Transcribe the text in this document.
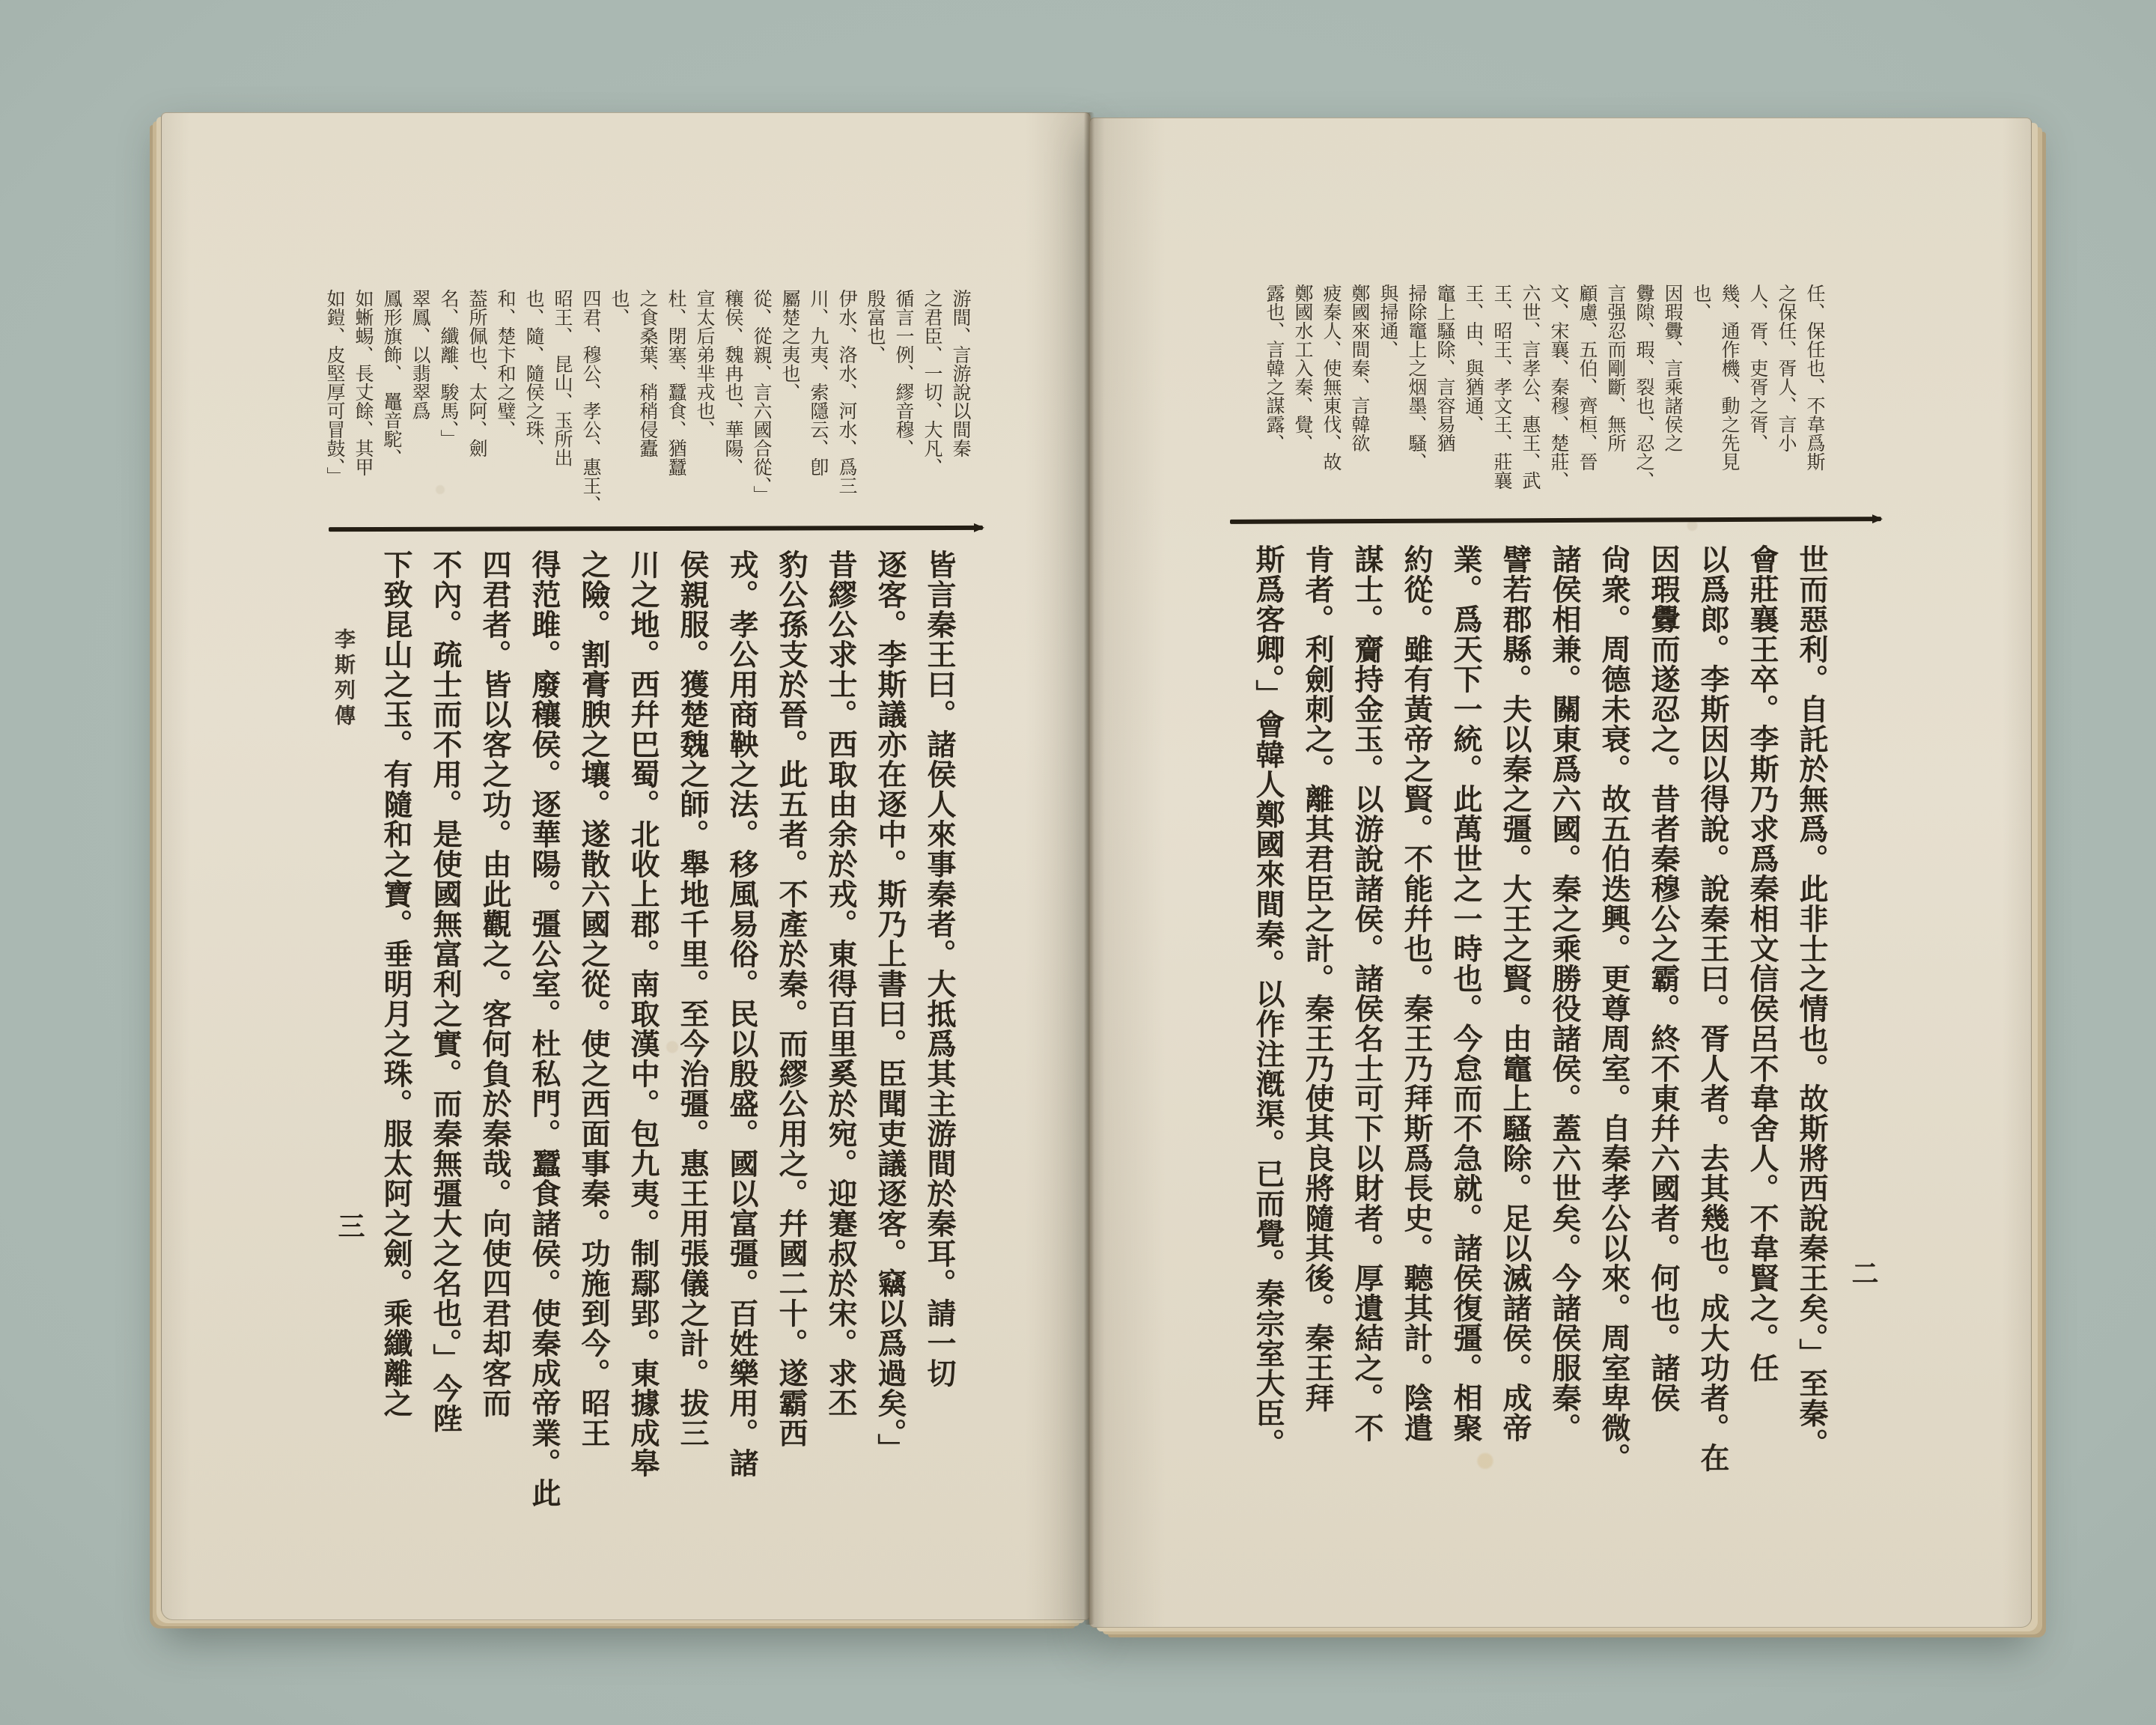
游間、言游說以間秦

之君臣、一切、大凡、

循言一例、繆音穆、

殷富也、

伊水、洛水、河水、爲三

川、九夷、索隱云、卽

屬楚之夷也、

從、從親、言六國合從、」

穰侯、魏冉也、華陽、

宣太后弟芈戎也、

杜、閉塞、蠶食、猶蠶

之食桑葉、稍稍侵蠹

也、

四君、穆公、孝公、惠王、

昭王、　昆山、玉所出

也、隨、隨侯之珠、

和、楚卞和之璧、

葢所佩也、太阿、劍

名、纖離、駿馬、」

翠鳳、以翡翠爲

鳳形旗飾、　鼉音駝、

如蜥蜴、長丈餘、其甲

如鎧、皮堅厚可冒鼓、」

皆言秦王曰。諸侯人來事秦者。大抵爲其主游間於秦耳。請一切

逐客。李斯議亦在逐中。斯乃上書曰。臣聞吏議逐客。竊以爲過矣。」

昔繆公求士。西取由余於戎。東得百里奚於宛。迎蹇叔於宋。求丕

豹公孫支於晉。此五者。不產於秦。而繆公用之。幷國二十。遂霸西

戎。孝公用商鞅之法。移風易俗。民以殷盛。國以富彊。百姓樂用。諸

侯親服。獲楚魏之師。舉地千里。至今治彊。惠王用張儀之計。拔三

川之地。西幷巴蜀。北收上郡。南取漢中。包九夷。制鄢郢。東據成皋

之險。割膏腴之壤。遂散六國之從。使之西面事秦。功施到今。昭王

得范雎。廢穰侯。逐華陽。彊公室。杜私門。蠶食諸侯。使秦成帝業。此

四君者。皆以客之功。由此觀之。客何負於秦哉。向使四君却客而

不內。疏士而不用。是使國無富利之實。而秦無彊大之名也。」今陛

下致昆山之玉。有隨和之寶。垂明月之珠。服太阿之劍。乘纖離之

李斯列傳
三

任、保任也、不韋爲斯

之保任、胥人、言小

人、胥、吏胥之胥、

幾、通作機、動之先見

也、

因瑕釁、言乘諸侯之

釁隙、瑕、裂也、忍之、

言强忍而剛斷、無所

顧慮、五伯、齊桓、晉

文、宋襄、秦穆、楚莊、

六世、言孝公、惠王、武

王、昭王、孝文王、莊襄

王、由、與猶通、

竈上騷除、言容易猶

掃除竈上之烟墨、騷、

與掃通、

鄭國來間秦、言韓欲

疲秦人、使無東伐、故

鄭國水工入秦、覺、

露也、言韓之謀露、

世而惡利。自託於無爲。此非士之情也。故斯將西說秦王矣。」至秦。

會莊襄王卒。李斯乃求爲秦相文信侯呂不韋舍人。不韋賢之。任

以爲郎。李斯因以得說。說秦王曰。胥人者。去其幾也。成大功者。在

因瑕釁而遂忍之。昔者秦穆公之霸。終不東幷六國者。何也。諸侯

尙衆。周德未衰。故五伯迭興。更尊周室。自秦孝公以來。周室卑微。

諸侯相兼。關東爲六國。秦之乘勝役諸侯。蓋六世矣。今諸侯服秦。

譬若郡縣。夫以秦之彊。大王之賢。由竈上騷除。足以滅諸侯。成帝

業。爲天下一統。此萬世之一時也。今怠而不急就。諸侯復彊。相聚

約從。雖有黃帝之賢。不能幷也。秦王乃拜斯爲長史。聽其計。陰遣

謀士。齎持金玉。以游說諸侯。諸侯名士可下以財者。厚遺結之。不

肯者。利劍刺之。離其君臣之計。秦王乃使其良將隨其後。秦王拜

斯爲客卿。」會韓人鄭國來間秦。以作注漑渠。已而覺。秦宗室大臣。	二
